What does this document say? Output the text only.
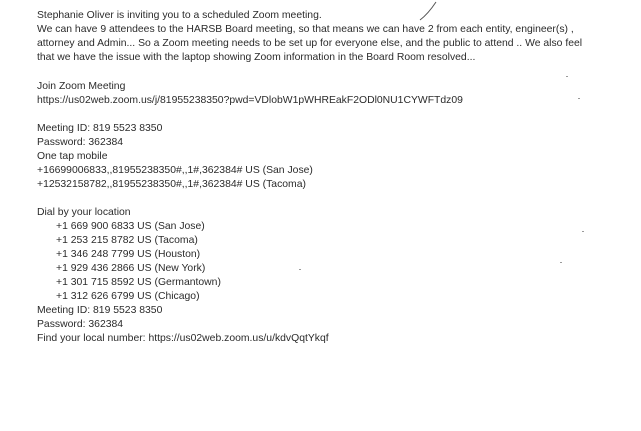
Stephanie Oliver is inviting you to a scheduled Zoom meeting.
We can have 9 attendees to the HARSB Board meeting, so that means we can have 2 from each entity, engineer(s) ,
attorney and Admin... So a Zoom meeting needs to be set up for everyone else, and the public to attend .. We also feel
that we have the issue with the laptop showing Zoom information in the Board Room resolved...
Join Zoom Meeting
https://us02web.zoom.us/j/81955238350?pwd=VDlobW1pWHREakF2ODl0NU1CYWFTdz09
Meeting ID: 819 5523 8350
Password: 362384
One tap mobile
+16699006833,,81955238350#,,1#,362384# US (San Jose)
+12532158782,,81955238350#,,1#,362384# US (Tacoma)
Dial by your location
+1 669 900 6833 US (San Jose)
+1 253 215 8782 US (Tacoma)
+1 346 248 7799 US (Houston)
+1 929 436 2866 US (New York)
+1 301 715 8592 US (Germantown)
+1 312 626 6799 US (Chicago)
Meeting ID: 819 5523 8350
Password: 362384
Find your local number: https://us02web.zoom.us/u/kdvQqtYkqf
